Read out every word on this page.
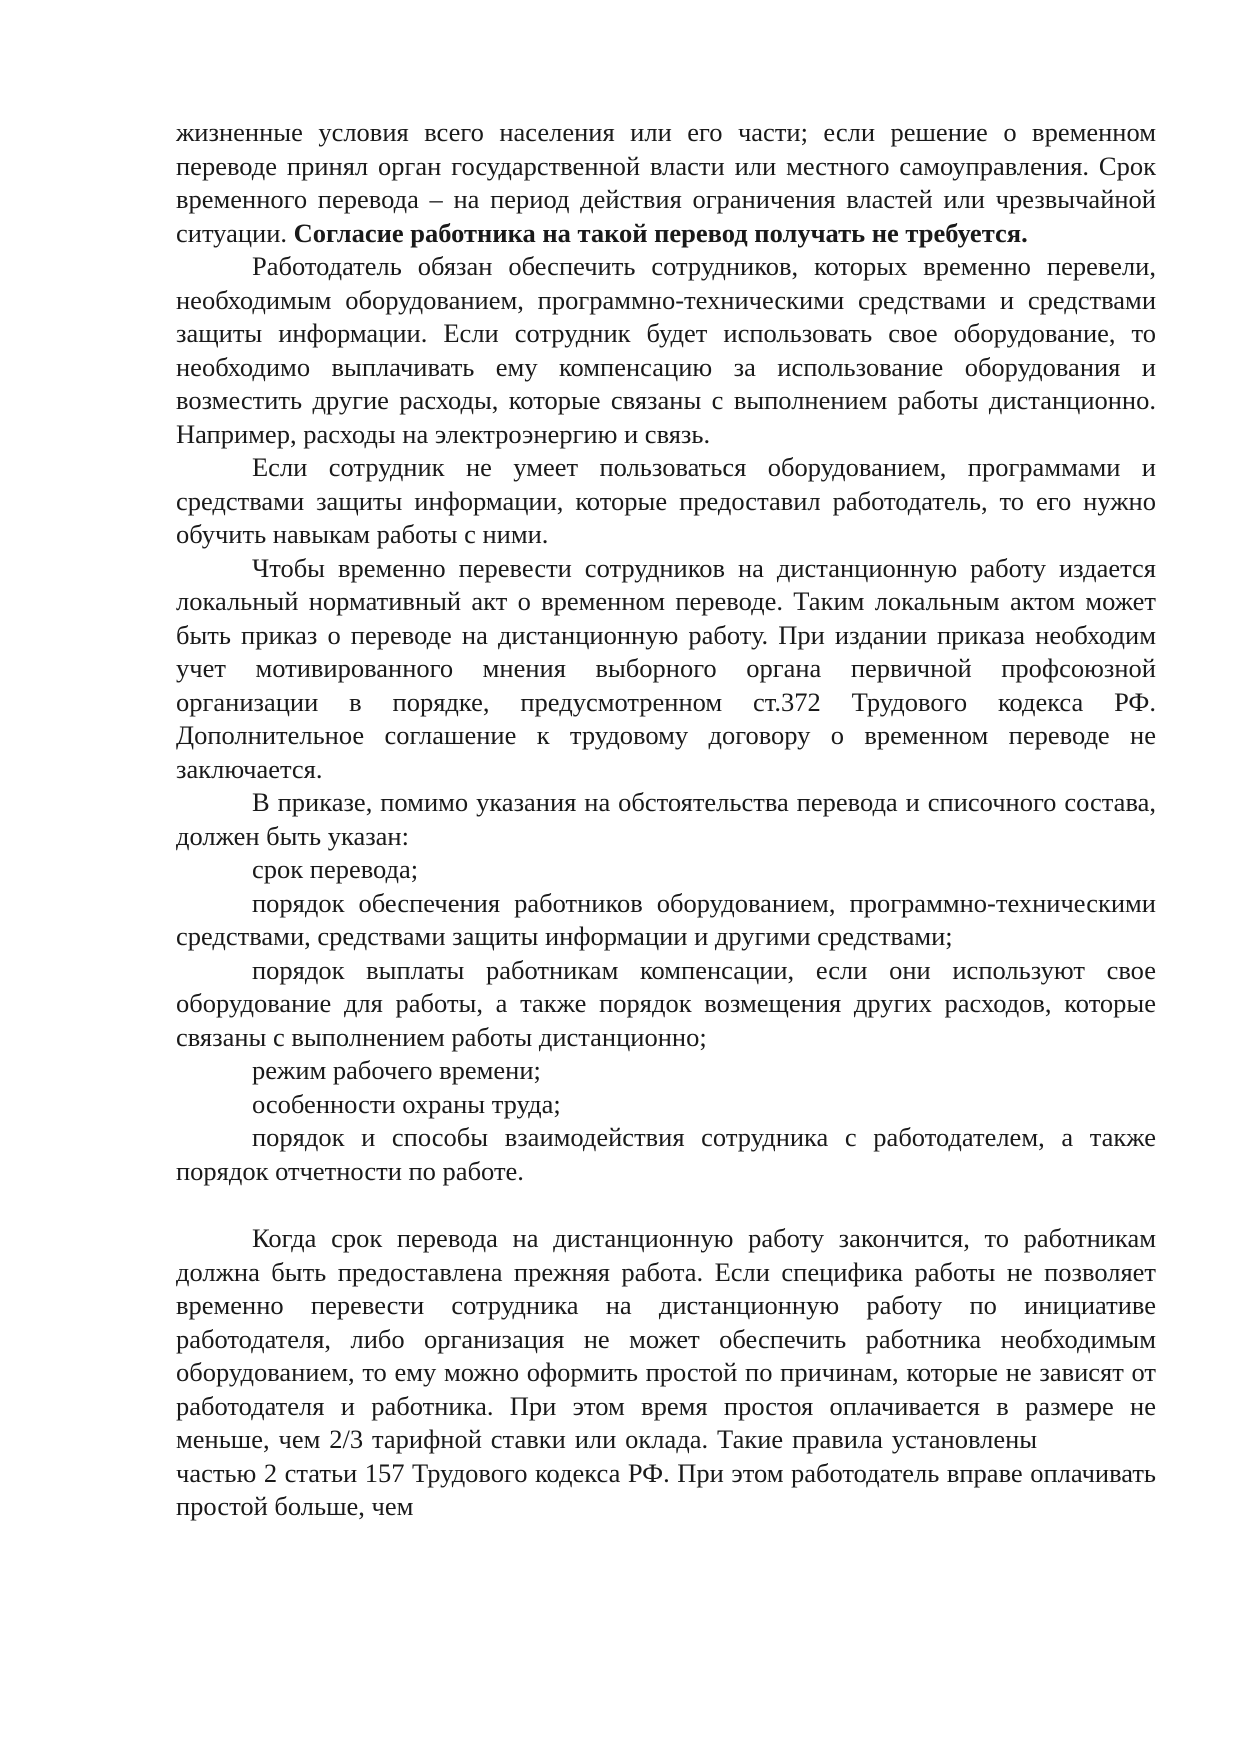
жизненные условия всего населения или его части; если решение о временном переводе принял орган государственной власти или местного самоуправления. Срок временного перевода – на период действия ограничения властей или чрезвычайной ситуации. Согласие работника на такой перевод получать не требуется.

Работодатель обязан обеспечить сотрудников, которых временно перевели, необходимым оборудованием, программно-техническими средствами и средствами защиты информации. Если сотрудник будет использовать свое оборудование, то необходимо выплачивать ему компенсацию за использование оборудования и возместить другие расходы, которые связаны с выполнением работы дистанционно. Например, расходы на электроэнергию и связь.

Если сотрудник не умеет пользоваться оборудованием, программами и средствами защиты информации, которые предоставил работодатель, то его нужно обучить навыкам работы с ними.

Чтобы временно перевести сотрудников на дистанционную работу издается локальный нормативный акт о временном переводе. Таким локальным актом может быть приказ о переводе на дистанционную работу. При издании приказа необходим учет мотивированного мнения выборного органа первичной профсоюзной организации в порядке, предусмотренном ст.372 Трудового кодекса РФ. Дополнительное соглашение к трудовому договору о временном переводе не заключается.

В приказе, помимо указания на обстоятельства перевода и списочного состава, должен быть указан:

срок перевода;

порядок обеспечения работников оборудованием, программно-техническими средствами, средствами защиты информации и другими средствами;

порядок выплаты работникам компенсации, если они используют свое оборудование для работы, а также порядок возмещения других расходов, которые связаны с выполнением работы дистанционно;

режим рабочего времени;

особенности охраны труда;

порядок и способы взаимодействия сотрудника с работодателем, а также порядок отчетности по работе.

Когда срок перевода на дистанционную работу закончится, то работникам должна быть предоставлена прежняя работа. Если специфика работы не позволяет временно перевести сотрудника на дистанционную работу по инициативе работодателя, либо организация не может обеспечить работника необходимым оборудованием, то ему можно оформить простой по причинам, которые не зависят от работодателя и работника. При этом время простоя оплачивается в размере не меньше, чем 2/3 тарифной ставки или оклада. Такие правила установлены частью 2 статьи 157 Трудового кодекса РФ. При этом работодатель вправе оплачивать простой больше, чем
